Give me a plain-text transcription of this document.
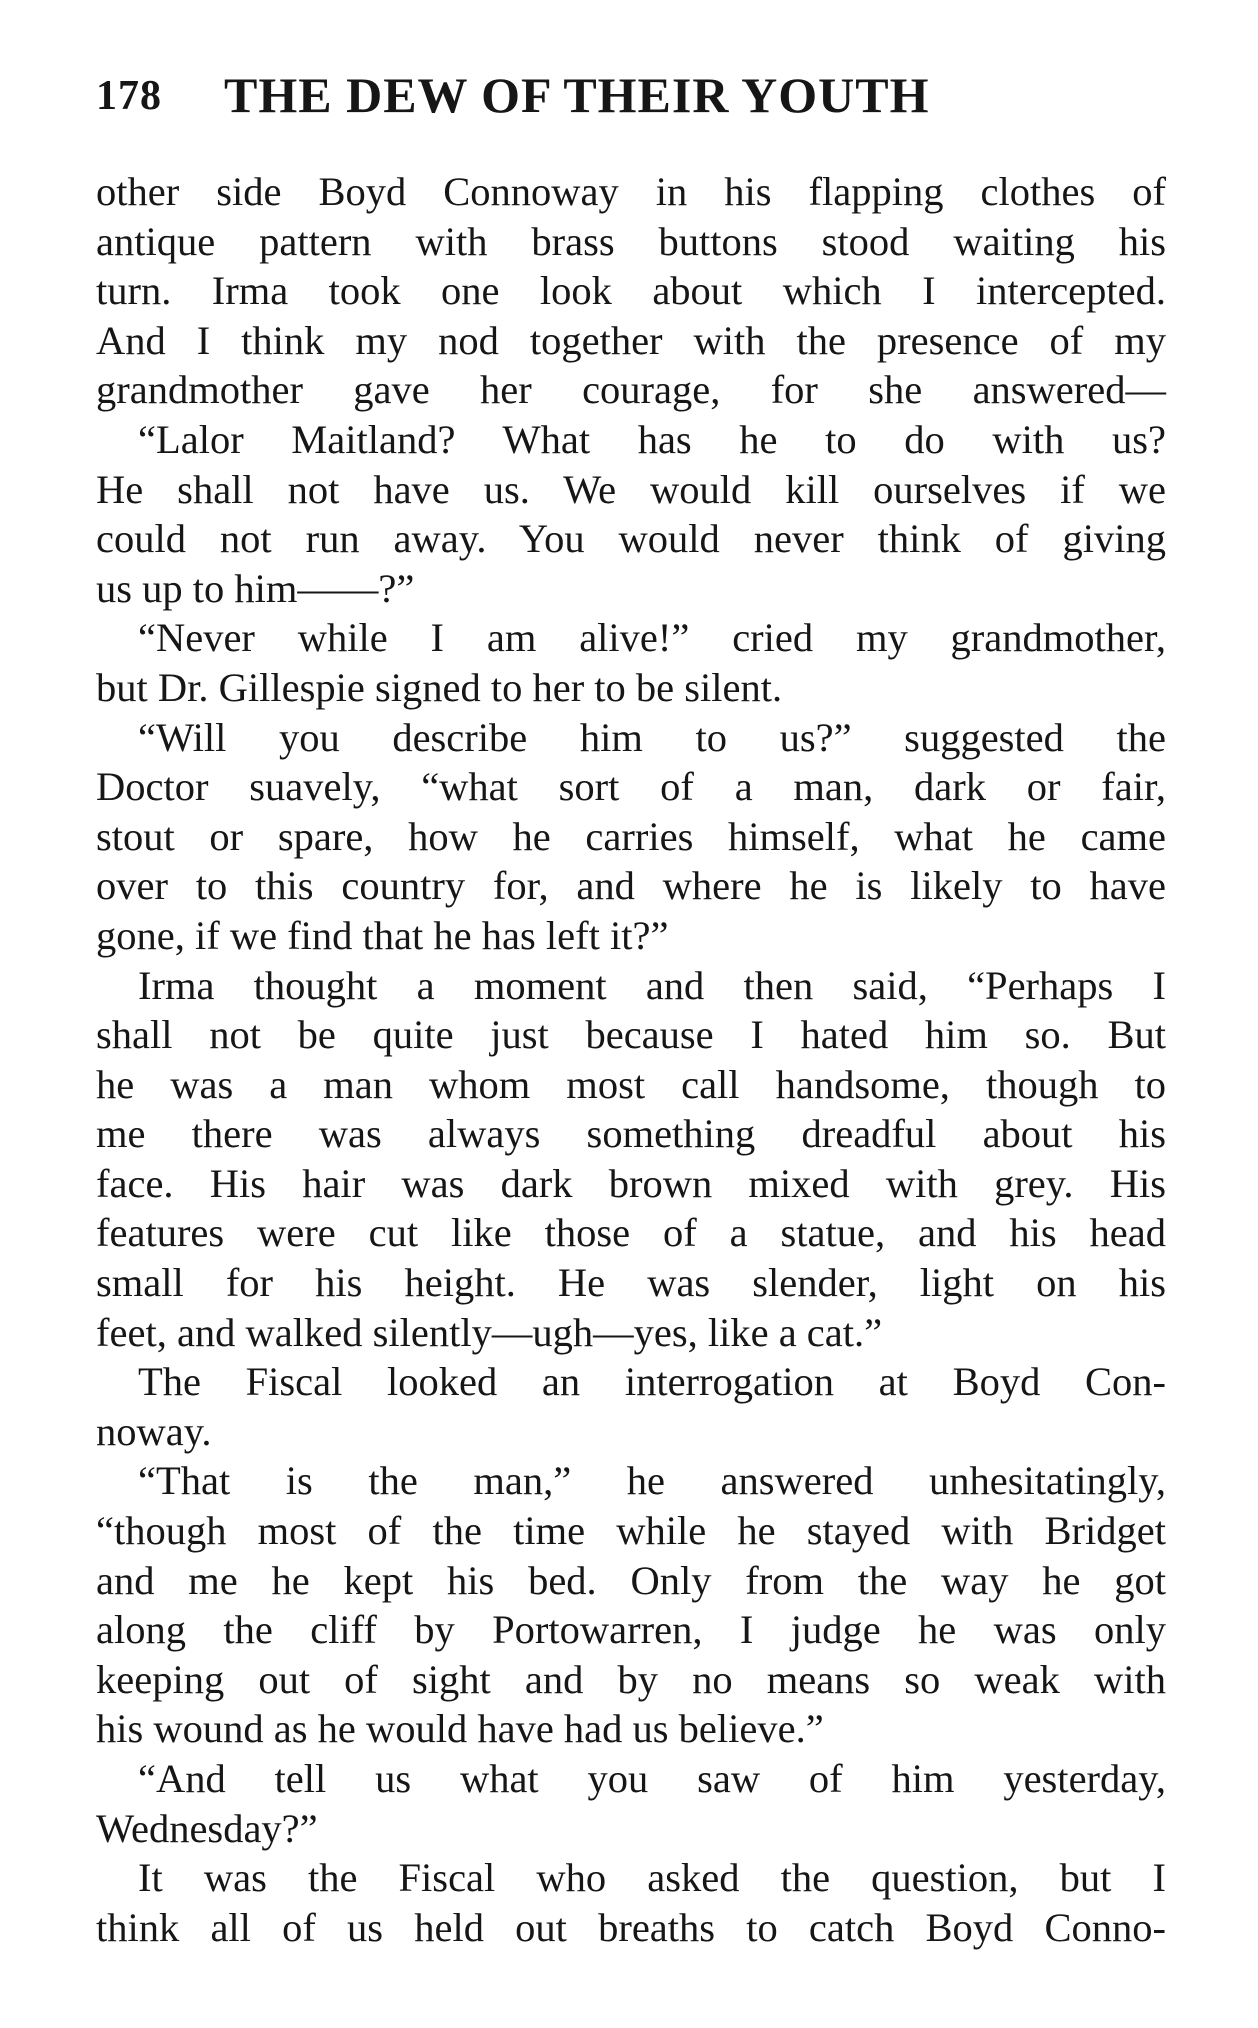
178 THE DEW OF THEIR YOUTH
other side Boyd Connoway in his flapping clothes of
antique pattern with brass buttons stood waiting his
turn. Irma took one look about which I intercepted.
And I think my nod together with the presence of my
grandmother gave her courage, for she answered—
“Lalor Maitland? What has he to do with us?
He shall not have us. We would kill ourselves if we
could not run away. You would never think of giving
us up to him——?”
“Never while I am alive!” cried my grandmother,
but Dr. Gillespie signed to her to be silent.
“Will you describe him to us?” suggested the
Doctor suavely, “what sort of a man, dark or fair,
stout or spare, how he carries himself, what he came
over to this country for, and where he is likely to have
gone, if we find that he has left it?”
Irma thought a moment and then said, “Perhaps I
shall not be quite just because I hated him so. But
he was a man whom most call handsome, though to
me there was always something dreadful about his
face. His hair was dark brown mixed with grey. His
features were cut like those of a statue, and his head
small for his height. He was slender, light on his
feet, and walked silently—ugh—yes, like a cat.”
The Fiscal looked an interrogation at Boyd Con-
noway.
“That is the man,” he answered unhesitatingly,
“though most of the time while he stayed with Bridget
and me he kept his bed. Only from the way he got
along the cliff by Portowarren, I judge he was only
keeping out of sight and by no means so weak with
his wound as he would have had us believe.”
“And tell us what you saw of him yesterday,
Wednesday?”
It was the Fiscal who asked the question, but I
think all of us held out breaths to catch Boyd Conno-
